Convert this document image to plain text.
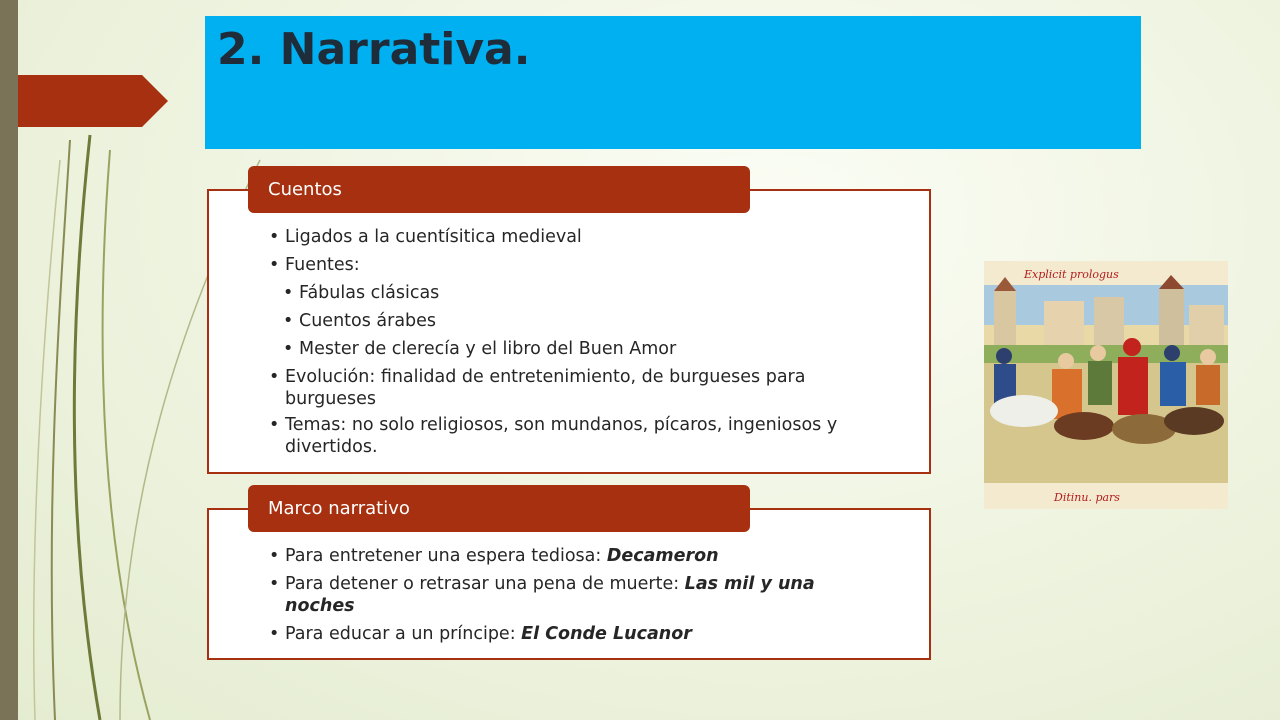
2. Narrativa.
• Ligados a la cuentísitica medieval
• Fuentes:
• Fábulas clásicas
• Cuentos árabes
• Mester de clerecía y el libro del Buen Amor
• Evolución: finalidad de entretenimiento, de burgueses para burgueses
• Temas: no solo religiosos, son mundanos, pícaros, ingeniosos y divertidos.
Cuentos
• Para entretener una espera tediosa: Decameron
• Para detener o retrasar una pena de muerte: Las mil y una noches
• Para educar a un príncipe: El Conde Lucanor
Marco narrativo
Explicit prologus
Ditinu. pars
